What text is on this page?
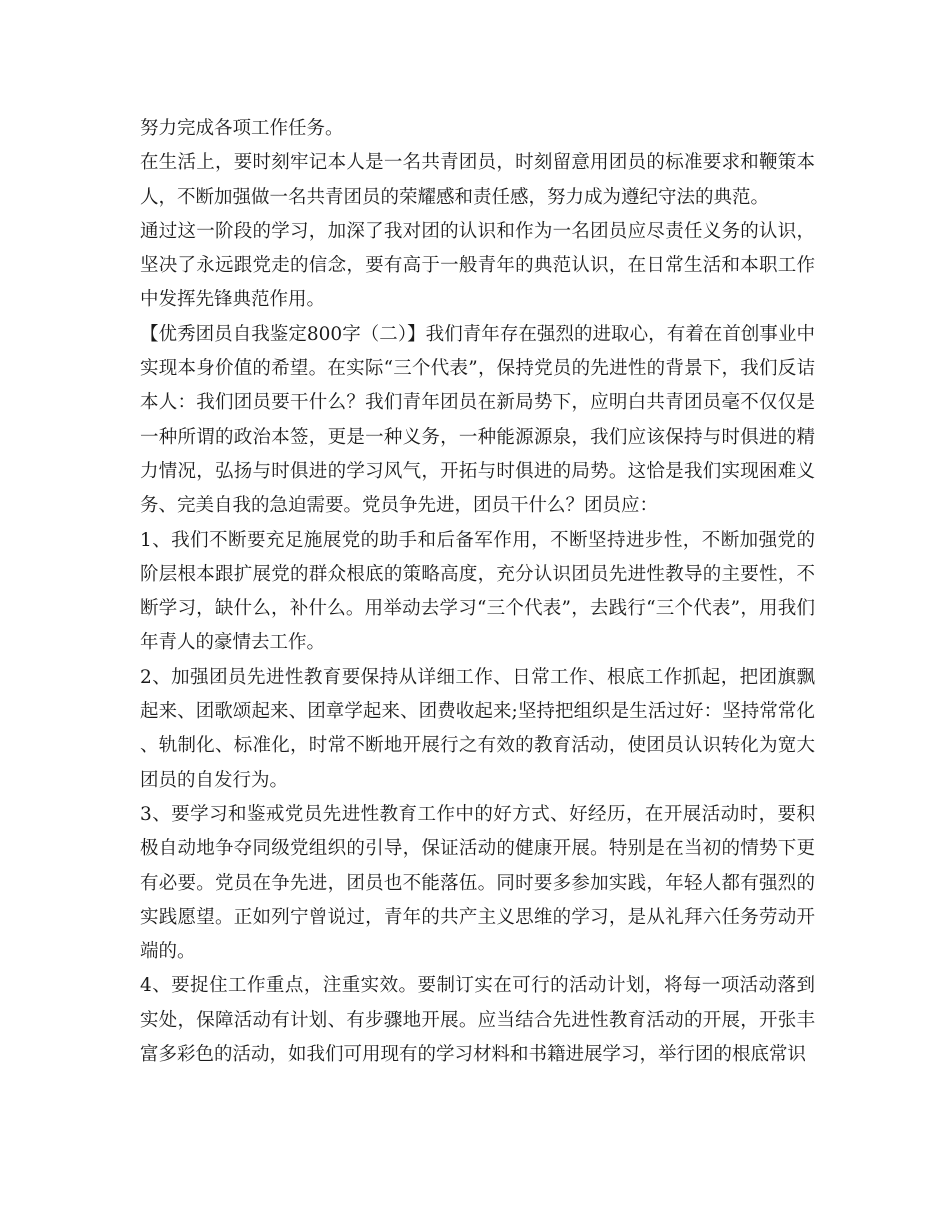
努力完成各项工作任务。

在生活上，要时刻牢记本人是一名共青团员，时刻留意用团员的标准要求和鞭策本人，不断加强做一名共青团员的荣耀感和责任感，努力成为遵纪守法的典范。

通过这一阶段的学习，加深了我对团的认识和作为一名团员应尽责任义务的认识，坚决了永远跟党走的信念，要有高于一般青年的典范认识，在日常生活和本职工作中发挥先锋典范作用。

【优秀团员自我鉴定800字（二）】我们青年存在强烈的进取心，有着在首创事业中实现本身价值的希望。在实际“三个代表”，保持党员的先进性的背景下，我们反诘本人：我们团员要干什么？我们青年团员在新局势下，应明白共青团员毫不仅仅是一种所谓的政治本签，更是一种义务，一种能源源泉，我们应该保持与时俱进的精力情况，弘扬与时俱进的学习风气，开拓与时俱进的局势。这恰是我们实现困难义务、完美自我的急迫需要。党员争先进，团员干什么？团员应：

1、我们不断要充足施展党的助手和后备军作用，不断坚持进步性，不断加强党的阶层根本跟扩展党的群众根底的策略高度，充分认识团员先进性教导的主要性，不断学习，缺什么，补什么。用举动去学习“三个代表”，去践行“三个代表”，用我们年青人的豪情去工作。

2、加强团员先进性教育要保持从详细工作、日常工作、根底工作抓起，把团旗飘起来、团歌颂起来、团章学起来、团费收起来;坚持把组织是生活过好：坚持常常化、轨制化、标准化，时常不断地开展行之有效的教育活动，使团员认识转化为宽大团员的自发行为。

3、要学习和鉴戒党员先进性教育工作中的好方式、好经历，在开展活动时，要积极自动地争夺同级党组织的引导，保证活动的健康开展。特别是在当初的情势下更有必要。党员在争先进，团员也不能落伍。同时要多参加实践，年轻人都有强烈的实践愿望。正如列宁曾说过，青年的共产主义思维的学习，是从礼拜六任务劳动开端的。

4、要捉住工作重点，注重实效。要制订实在可行的活动计划，将每一项活动落到实处，保障活动有计划、有步骤地开展。应当结合先进性教育活动的开展，开张丰富多彩色的活动，如我们可用现有的学习材料和书籍进展学习，举行团的根底常识
